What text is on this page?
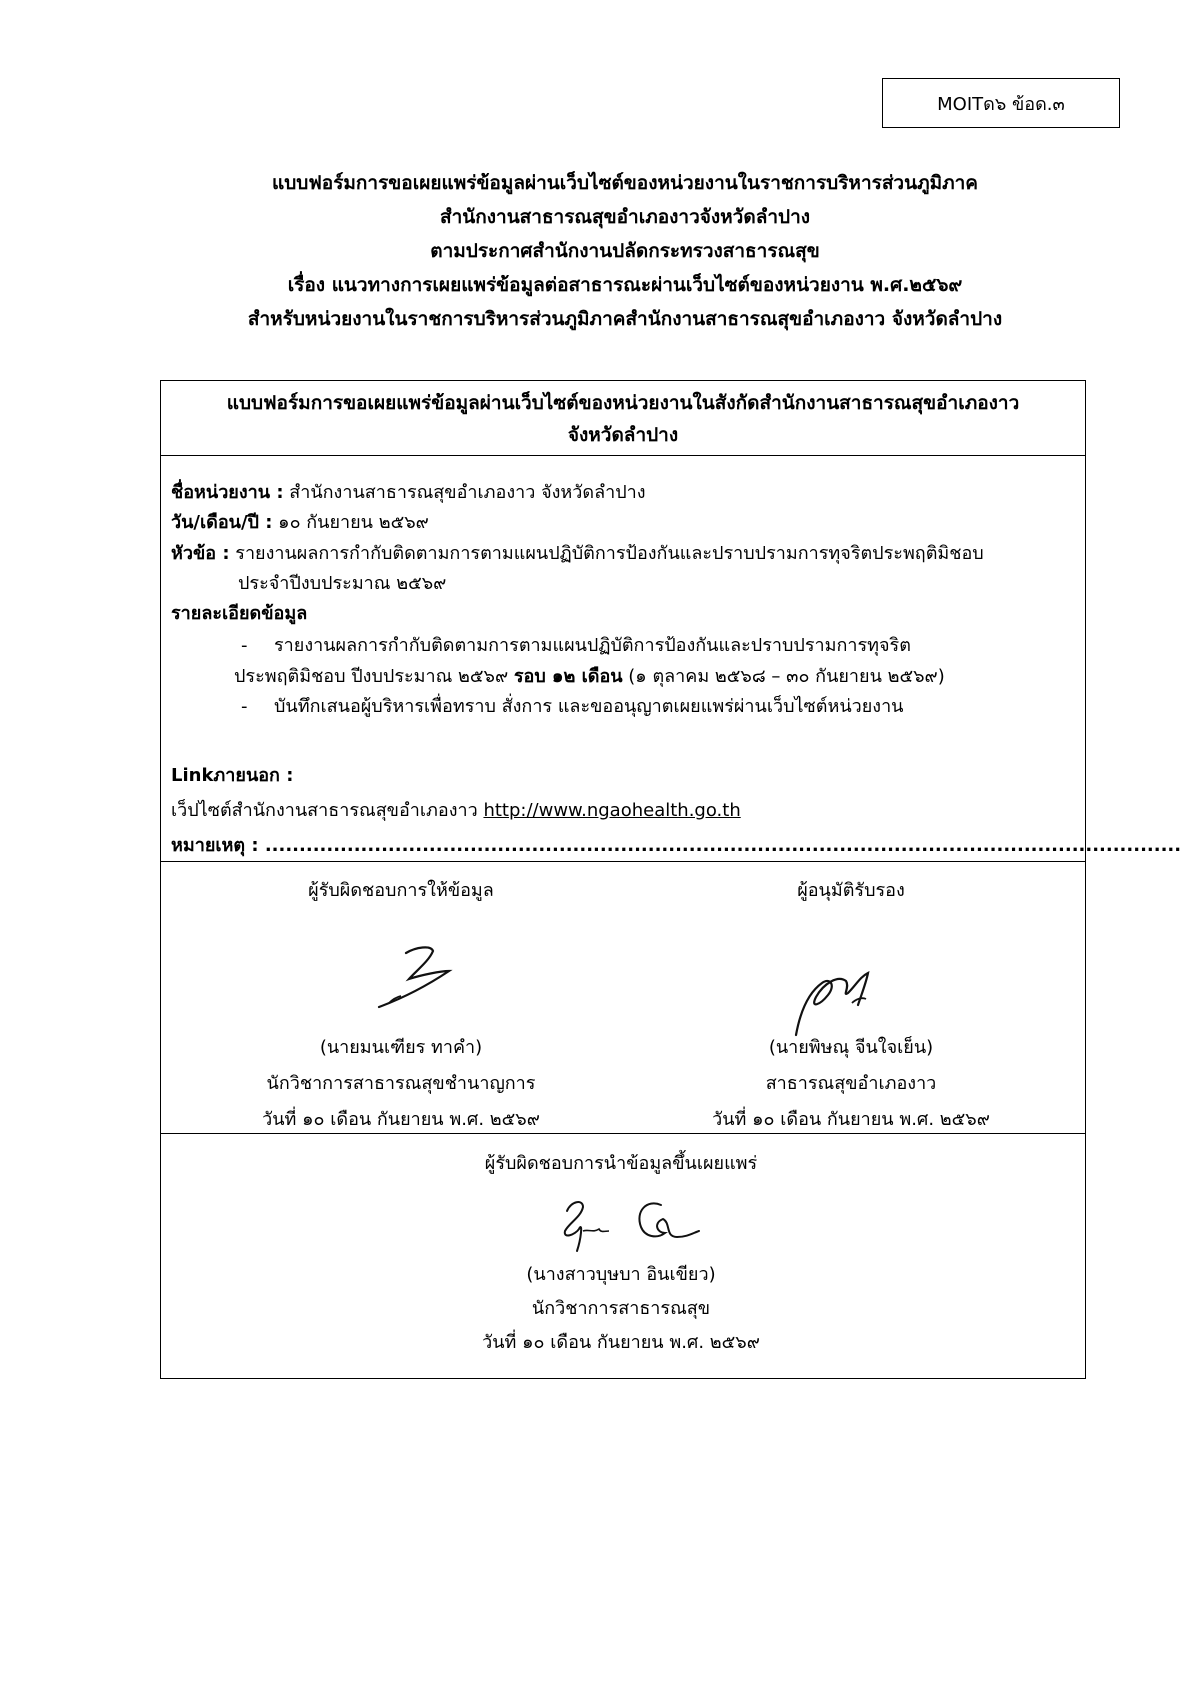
MOITด๖ ข้อด.๓
แบบฟอร์มการขอเผยแพร่ข้อมูลผ่านเว็บไซต์ของหน่วยงานในราชการบริหารส่วนภูมิภาค
สำนักงานสาธารณสุขอำเภองาวจังหวัดลำปาง
ตามประกาศสำนักงานปลัดกระทรวงสาธารณสุข
เรื่อง แนวทางการเผยแพร่ข้อมูลต่อสาธารณะผ่านเว็บไซต์ของหน่วยงาน พ.ศ.๒๕๖๙
สำหรับหน่วยงานในราชการบริหารส่วนภูมิภาคสำนักงานสาธารณสุขอำเภองาว จังหวัดลำปาง
แบบฟอร์มการขอเผยแพร่ข้อมูลผ่านเว็บไซต์ของหน่วยงานในสังกัดสำนักงานสาธารณสุขอำเภองาว
จังหวัดลำปาง
ชื่อหน่วยงาน : สำนักงานสาธารณสุขอำเภองาว จังหวัดลำปาง
วัน/เดือน/ปี : ๑๐ กันยายน ๒๕๖๙
หัวข้อ : รายงานผลการกำกับติดตามการตามแผนปฏิบัติการป้องกันและปราบปรามการทุจริตประพฤติมิชอบ
ประจำปีงบประมาณ ๒๕๖๙
รายละเอียดข้อมูล
- รายงานผลการกำกับติดตามการตามแผนปฏิบัติการป้องกันและปราบปรามการทุจริต
ประพฤติมิชอบ ปีงบประมาณ ๒๕๖๙ รอบ ๑๒ เดือน (๑ ตุลาคม ๒๕๖๘ – ๓๐ กันยายน ๒๕๖๙)
- บันทึกเสนอผู้บริหารเพื่อทราบ สั่งการ และขออนุญาตเผยแพร่ผ่านเว็บไซต์หน่วยงาน
Linkภายนอก :
เว็ปไซต์สำนักงานสาธารณสุขอำเภองาว http://www.ngaohealth.go.th
หมายเหตุ : ......................................................................................................................................
ผู้รับผิดชอบการให้ข้อมูล
(นายมนเฑียร ทาคำ)
นักวิชาการสาธารณสุขชำนาญการ
วันที่ ๑๐ เดือน กันยายน พ.ศ. ๒๕๖๙
ผู้อนุมัติรับรอง
(นายพิษณุ จีนใจเย็น)
สาธารณสุขอำเภองาว
วันที่ ๑๐ เดือน กันยายน พ.ศ. ๒๕๖๙
ผู้รับผิดชอบการนำข้อมูลขึ้นเผยแพร่
(นางสาวบุษบา อินเขียว)
นักวิชาการสาธารณสุข
วันที่ ๑๐ เดือน กันยายน พ.ศ. ๒๕๖๙
